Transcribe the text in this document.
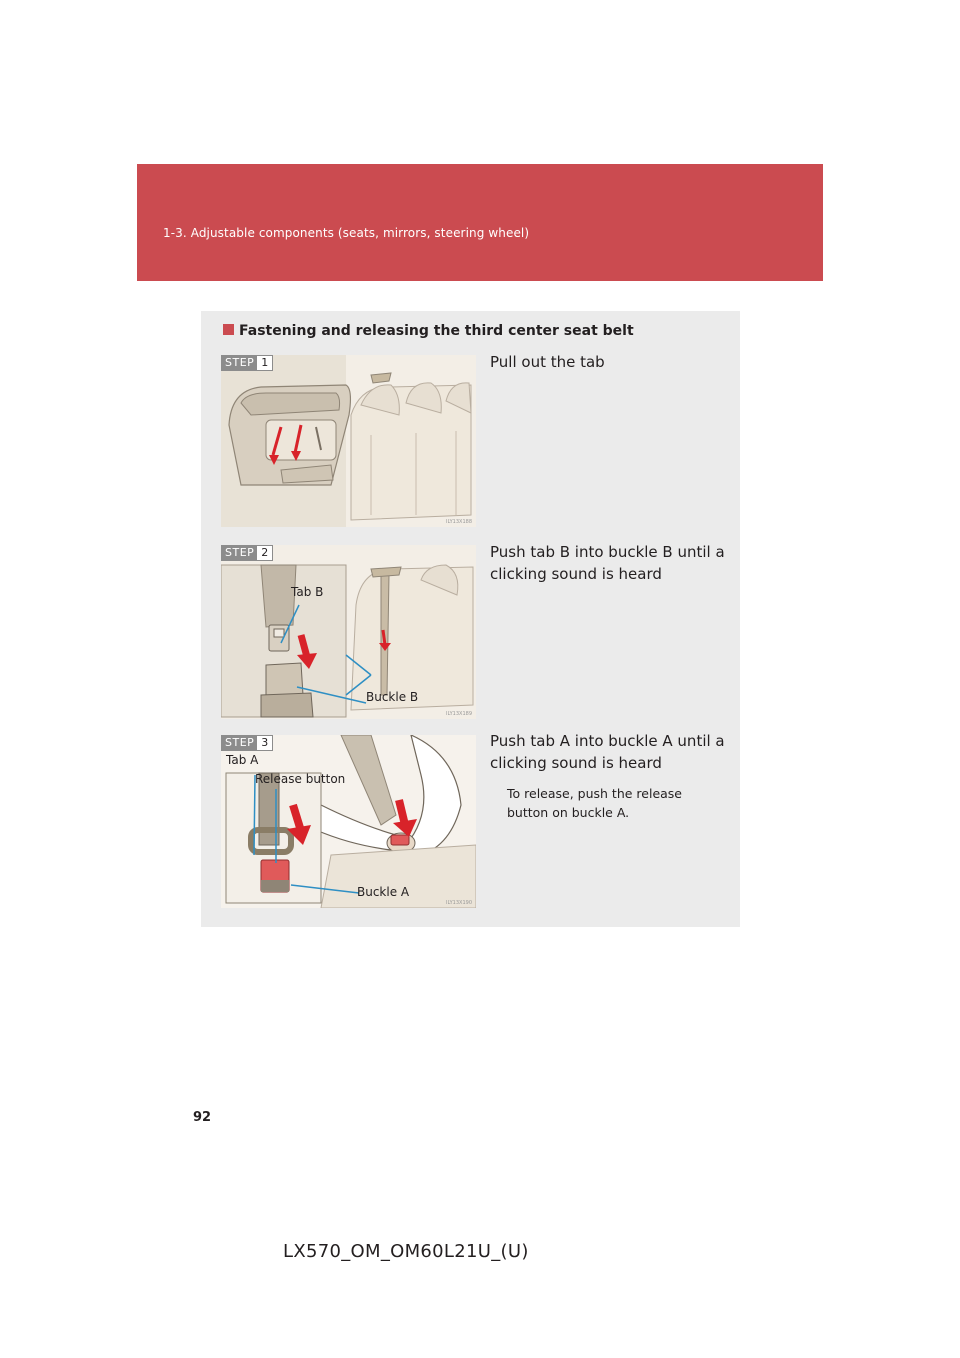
1-3. Adjustable components (seats, mirrors, steering wheel)
Fastening and releasing the third center seat belt
STEP 1
ILY13X188
Pull out the tab
STEP 2
Tab B
Buckle B
ILY13X189
Push tab B into buckle B until a clicking sound is heard
STEP 3
Tab A
Release button
Buckle A
ILY13X190
Push tab A into buckle A until a clicking sound is heard
To release, push the release button on buckle A.
92
LX570_OM_OM60L21U_(U)
